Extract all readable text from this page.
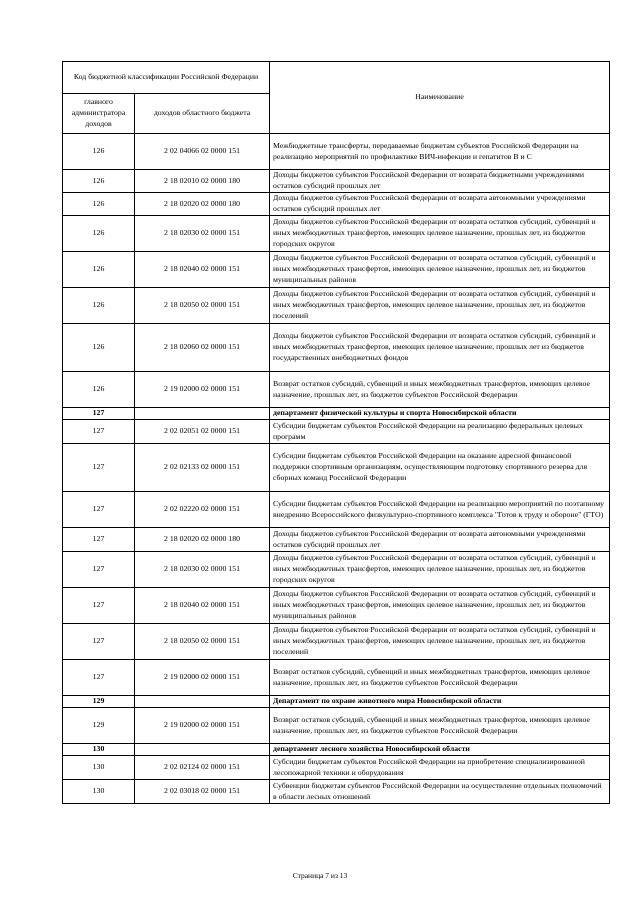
Код бюджетной классификации Российской Федерации		Наименование
главного администратора доходов	доходов областного бюджета	
126	2 02 04066 02 0000 151	Межбюджетные трансферты, передаваемые бюджетам субъектов Российской Федерации на реализацию мероприятий по профилактике ВИЧ-инфекции и гепатитов В и С
126	2 18 02010 02 0000 180	Доходы бюджетов субъектов Российской Федерации от возврата бюджетными учреждениями остатков субсидий прошлых лет
126	2 18 02020 02 0000 180	Доходы бюджетов субъектов Российской Федерации от возврата автономными учреждениями остатков субсидий прошлых лет
126	2 18 02030 02 0000 151	Доходы бюджетов субъектов Российской Федерации от возврата остатков субсидий, субвенций и иных межбюджетных трансфертов, имеющих целевое назначение, прошлых лет, из бюджетов городских округов
126	2 18 02040 02 0000 151	Доходы бюджетов субъектов Российской Федерации от возврата остатков субсидий, субвенций и иных межбюджетных трансфертов, имеющих целевое назначение, прошлых лет, из бюджетов муниципальных районов
126	2 18 02050 02 0000 151	Доходы бюджетов субъектов Российской Федерации от возврата остатков субсидий, субвенций и иных межбюджетных трансфертов, имеющих целевое назначение, прошлых лет, из бюджетов поселений
126	2 18 02060 02 0000 151	Доходы бюджетов субъектов Российской Федерации от возврата остатков субсидий, субвенций и иных межбюджетных трансфертов, имеющих целевое назначение, прошлых лет из бюджетов государственных внебюджетных фондов
126	2 19 02000 02 0000 151	Возврат остатков субсидий, субвенций и иных межбюджетных трансфертов, имеющих целевое назначение, прошлых лет, из бюджетов субъектов Российской Федерации
127		департамент физической культуры и спорта Новосибирской области
127	2 02 02051 02 0000 151	Субсидии бюджетам субъектов Российской Федерации на реализацию федеральных целевых программ
127	2 02 02133 02 0000 151	Субсидии бюджетам субъектов Российской Федерации на оказание адресной финансовой поддержки спортивным организациям, осуществляющим подготовку спортивного резерва для сборных команд Российской Федерации
127	2 02 02220 02 0000 151	Субсидии бюджетам субъектов Российской Федерации на реализацию мероприятий по поэтапному внедрению Всероссийского физкультурно-спортивного комплекса "Готов к труду и обороне" (ГТО)
127	2 18 02020 02 0000 180	Доходы бюджетов субъектов Российской Федерации от возврата автономными учреждениями остатков субсидий прошлых лет
127	2 18 02030 02 0000 151	Доходы бюджетов субъектов Российской Федерации от возврата остатков субсидий, субвенций и иных межбюджетных трансфертов, имеющих целевое назначение, прошлых лет, из бюджетов городских округов
127	2 18 02040 02 0000 151	Доходы бюджетов субъектов Российской Федерации от возврата остатков субсидий, субвенций и иных межбюджетных трансфертов, имеющих целевое назначение, прошлых лет, из бюджетов муниципальных районов
127	2 18 02050 02 0000 151	Доходы бюджетов субъектов Российской Федерации от возврата остатков субсидий, субвенций и иных межбюджетных трансфертов, имеющих целевое назначение, прошлых лет, из бюджетов поселений
127	2 19 02000 02 0000 151	Возврат остатков субсидий, субвенций и иных межбюджетных трансфертов, имеющих целевое назначение, прошлых лет, из бюджетов субъектов Российской Федерации
129		Департамент по охране животного мира Новосибирской области
129	2 19 02000 02 0000 151	Возврат остатков субсидий, субвенций и иных межбюджетных трансфертов, имеющих целевое назначение, прошлых лет, из бюджетов субъектов Российской Федерации
130		департамент лесного хозяйства Новосибирской области
130	2 02 02124 02 0000 151	Субсидии бюджетам субъектов Российской Федерации на приобретение специализированной лесопожарной техники и оборудования
130	2 02 03018 02 0000 151	Субвенции бюджетам субъектов Российской Федерации на осуществление отдельных полномочий в области лесных отношений
Страница 7 из 13
